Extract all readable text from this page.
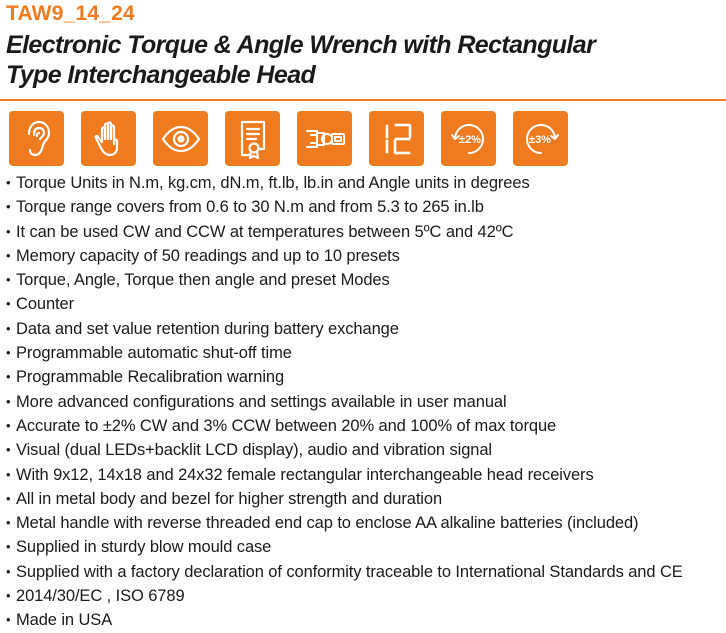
TAW9_14_24
Electronic Torque & Angle Wrench with Rectangular
Type Interchangeable Head
±2%	±3%
• Torque Units in N.m, kg.cm, dN.m, ft.lb, lb.in and Angle units in degrees
• Torque range covers from 0.6 to 30 N.m and from 5.3 to 265 in.lb
• It can be used CW and CCW at temperatures between 5ºC and 42ºC
• Memory capacity of 50 readings and up to 10 presets
• Torque, Angle, Torque then angle and preset Modes
• Counter
• Data and set value retention during battery exchange
• Programmable automatic shut-off time
• Programmable Recalibration warning
• More advanced configurations and settings available in user manual
• Accurate to ±2% CW and 3% CCW between 20% and 100% of max torque
• Visual (dual LEDs+backlit LCD display), audio and vibration signal
• With 9x12, 14x18 and 24x32 female rectangular interchangeable head receivers
• All in metal body and bezel for higher strength and duration
• Metal handle with reverse threaded end cap to enclose AA alkaline batteries (included)
• Supplied in sturdy blow mould case
• Supplied with a factory declaration of conformity traceable to International Standards and CE
• 2014/30/EC , ISO 6789
• Made in USA
